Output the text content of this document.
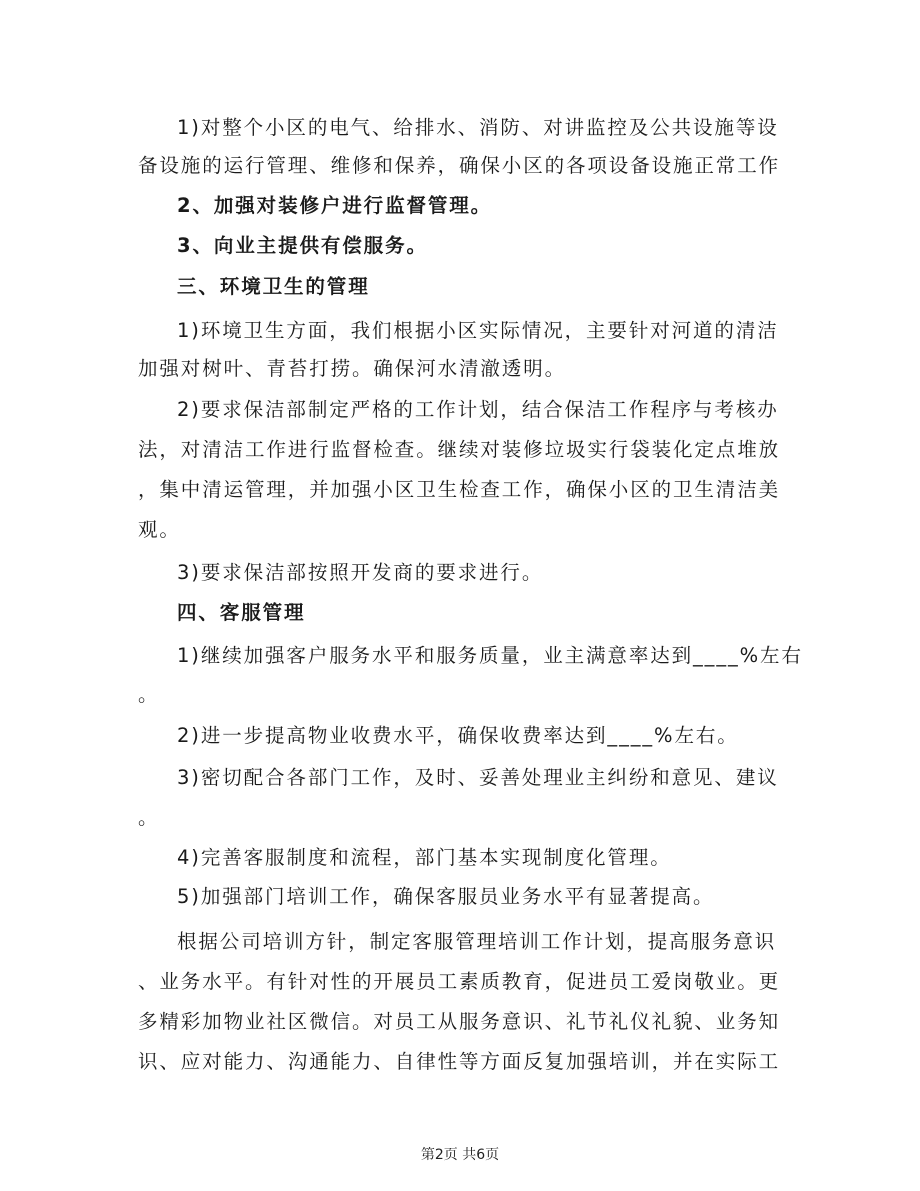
1)对整个小区的电气、给排水、消防、对讲监控及公共设施等设
备设施的运行管理、维修和保养，确保小区的各项设备设施正常工作
2、加强对装修户进行监督管理。
3、向业主提供有偿服务。
三、环境卫生的管理
1)环境卫生方面，我们根据小区实际情况，主要针对河道的清洁
加强对树叶、青苔打捞。确保河水清澈透明。
2)要求保洁部制定严格的工作计划，结合保洁工作程序与考核办
法，对清洁工作进行监督检查。继续对装修垃圾实行袋装化定点堆放
，集中清运管理，并加强小区卫生检查工作，确保小区的卫生清洁美
观。
3)要求保洁部按照开发商的要求进行。
四、客服管理
1)继续加强客户服务水平和服务质量，业主满意率达到____%左右
。
2)进一步提高物业收费水平，确保收费率达到____%左右。
3)密切配合各部门工作，及时、妥善处理业主纠纷和意见、建议
。
4)完善客服制度和流程，部门基本实现制度化管理。
5)加强部门培训工作，确保客服员业务水平有显著提高。
根据公司培训方针，制定客服管理培训工作计划，提高服务意识
、业务水平。有针对性的开展员工素质教育，促进员工爱岗敬业。更
多精彩加物业社区微信。对员工从服务意识、礼节礼仪礼貌、业务知
识、应对能力、沟通能力、自律性等方面反复加强培训，并在实际工
第2页 共6页
